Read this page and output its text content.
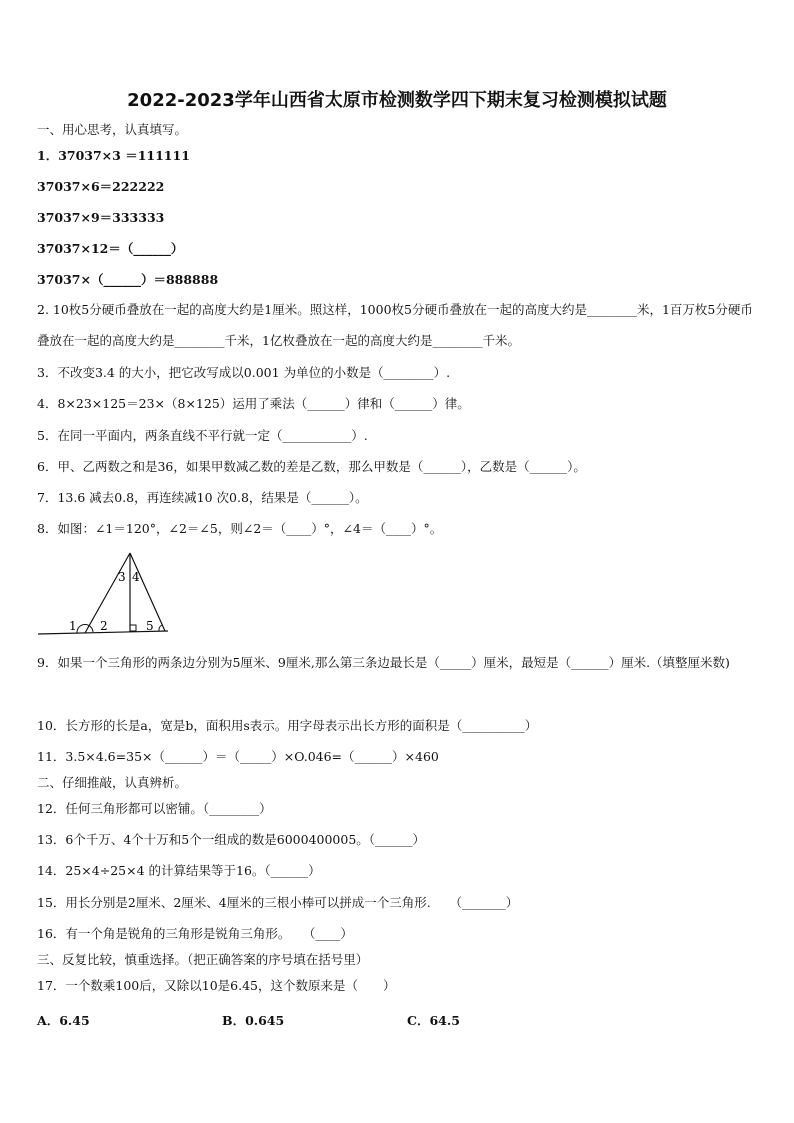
2022-2023学年山西省太原市检测数学四下期末复习检测模拟试题
一、用心思考，认真填写。
1．37037×3 ＝111111
37037×6＝222222
37037×9＝333333
37037×12＝（______）
37037×（______）＝888888
2. 10枚5分硬币叠放在一起的高度大约是1厘米。照这样，1000枚5分硬币叠放在一起的高度大约是________米，1百万枚5分硬币叠放在一起的高度大约是________千米，1亿枚叠放在一起的高度大约是________千米。
3．不改变3.4 的大小，把它改写成以0.001 为单位的小数是（________）.
4．8×23×125＝23×（8×125）运用了乘法（______）律和（______）律。
5．在同一平面内，两条直线不平行就一定（___________）.
6．甲、乙两数之和是36，如果甲数减乙数的差是乙数，那么甲数是（______），乙数是（______）。
7．13.6 减去0.8，再连续减10 次0.8，结果是（______）。
8．如图：∠1＝120°，∠2＝∠5，则∠2＝（____）°，∠4＝（____）°。
1 2
3 4
5
9．如果一个三角形的两条边分别为5厘米、9厘米,那么第三条边最长是（_____）厘米，最短是（______）厘米.（填整厘米数)
10．长方形的长是a，宽是b，面积用s表示。用字母表示出长方形的面积是（__________）
11．3.5×4.6=35×（______）＝（_____）×O.046=（______）×460
二、仔细推敲，认真辨析。
12．任何三角形都可以密铺。（________）
13．6个千万、4个十万和5个一组成的数是6000400005。（______）
14．25×4÷25×4 的计算结果等于16。（______）
15．用长分别是2厘米、2厘米、4厘米的三根小棒可以拼成一个三角形.　　（_______）
16．有一个角是锐角的三角形是锐角三角形。　　（____）
三、反复比较，慎重选择。（把正确答案的序号填在括号里）
17．一个数乘100后，又除以10是6.45，这个数原来是（　　）
A．6.45	B．0.645	C．64.5
